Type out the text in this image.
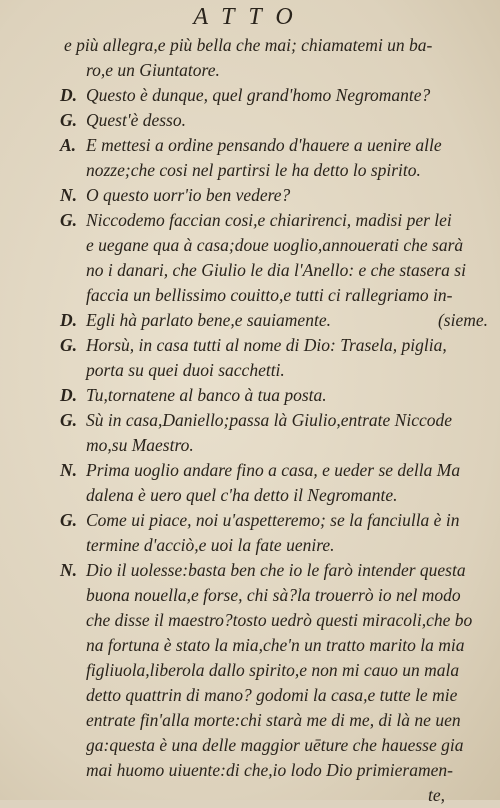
ATTO
e più allegra,e più bella che mai; chiamatemi un ba-
ro,e un Giuntatore.
D. Questo è dunque, quel grand'homo Negromante?
G. Quest'è desso.
A. E mettesi a ordine pensando d'hauere a uenire alle
nozze;che cosi nel partirsi le ha detto lo spirito.
N. O questo uorr'io ben vedere?
G. Niccodemo faccian cosi,e chiarirenci, madisi per lei
e uegane qua à casa;doue uoglio,annouerati che sarà
no i danari, che Giulio le dia l'Anello: e che stasera si
faccia un bellissimo couitto,e tutti ci rallegriamo in-
D. Egli hà parlato bene,e sauiamente.	(sieme.
G. Horsù, in casa tutti al nome di Dio: Trasela, piglia,
porta su quei duoi sacchetti.
D. Tu,tornatene al banco à tua posta.
G. Sù in casa,Daniello;passa là Giulio,entrate Niccode
mo,su Maestro.
N. Prima uoglio andare fino a casa, e ueder se della Ma
dalena è uero quel c'ha detto il Negromante.
G. Come ui piace, noi u'aspetteremo; se la fanciulla è in
termine d'acciò,e uoi la fate uenire.
N. Dio il uolesse:basta ben che io le farò intender questa
buona nouella,e forse, chi sà?la trouerrò io nel modo
che disse il maestro?tosto uedrò questi miracoli,che bo
na fortuna è stato la mia,che'n un tratto marito la mia
figliuola,liberola dallo spirito,e non mi cauo un mala
detto quattrin di mano? godomi la casa,e tutte le mie
entrate fin'alla morte:chi starà me di me, di là ne uen
ga:questa è una delle maggior uēture che hauesse gia
mai huomo uiuente:di che,io lodo Dio primieramen-
te,
